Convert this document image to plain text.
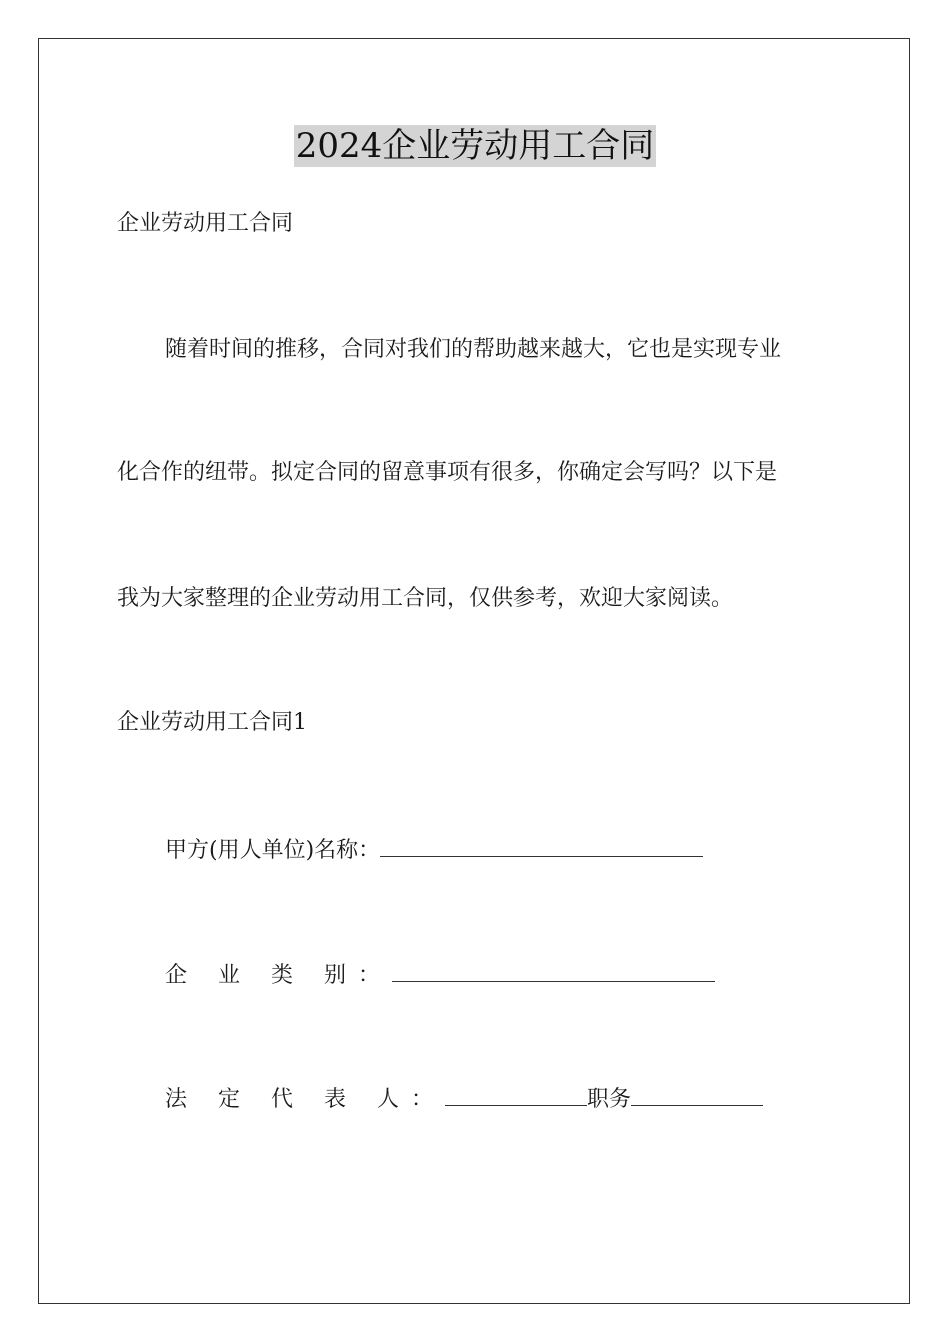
2024企业劳动用工合同
企业劳动用工合同
随着时间的推移，合同对我们的帮助越来越大，它也是实现专业
化合作的纽带。拟定合同的留意事项有很多，你确定会写吗？以下是
我为大家整理的企业劳动用工合同，仅供参考，欢迎大家阅读。
企业劳动用工合同1
甲方(用人单位)名称：
企 业 类 别：
法 定 代 表 人：	职务
